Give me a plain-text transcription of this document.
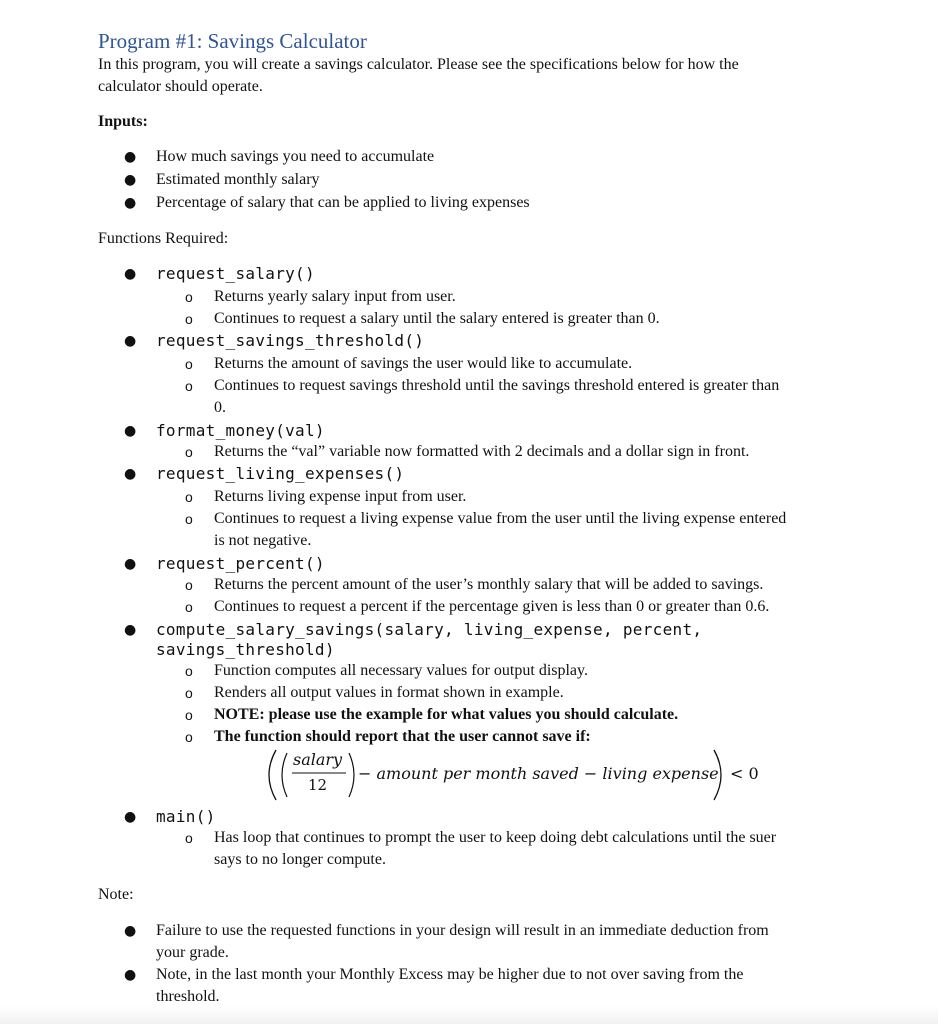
Program #1: Savings Calculator
In this program, you will create a savings calculator. Please see the specifications below for how the
calculator should operate.
Inputs:
● How much savings you need to accumulate
● Estimated monthly salary
● Percentage of salary that can be applied to living expenses
Functions Required:
● request_salary()
o Returns yearly salary input from user.
o Continues to request a salary until the salary entered is greater than 0.
● request_savings_threshold()
o Returns the amount of savings the user would like to accumulate.
o Continues to request savings threshold until the savings threshold entered is greater than
0.
● format_money(val)
o Returns the “val” variable now formatted with 2 decimals and a dollar sign in front.
● request_living_expenses()
o Returns living expense input from user.
o Continues to request a living expense value from the user until the living expense entered
is not negative.
● request_percent()
o Returns the percent amount of the user’s monthly salary that will be added to savings.
o Continues to request a percent if the percentage given is less than 0 or greater than 0.6.
● compute_salary_savings(salary, living_expense, percent,
savings_threshold)
o Function computes all necessary values for output display.
o Renders all output values in format shown in example.
o NOTE: please use the example for what values you should calculate.
o The function should report that the user cannot save if:
salary
12
− amount per month saved − living expense < 0
● main()
o Has loop that continues to prompt the user to keep doing debt calculations until the suer
says to no longer compute.
Note:
● Failure to use the requested functions in your design will result in an immediate deduction from
your grade.
● Note, in the last month your Monthly Excess may be higher due to not over saving from the
threshold.
